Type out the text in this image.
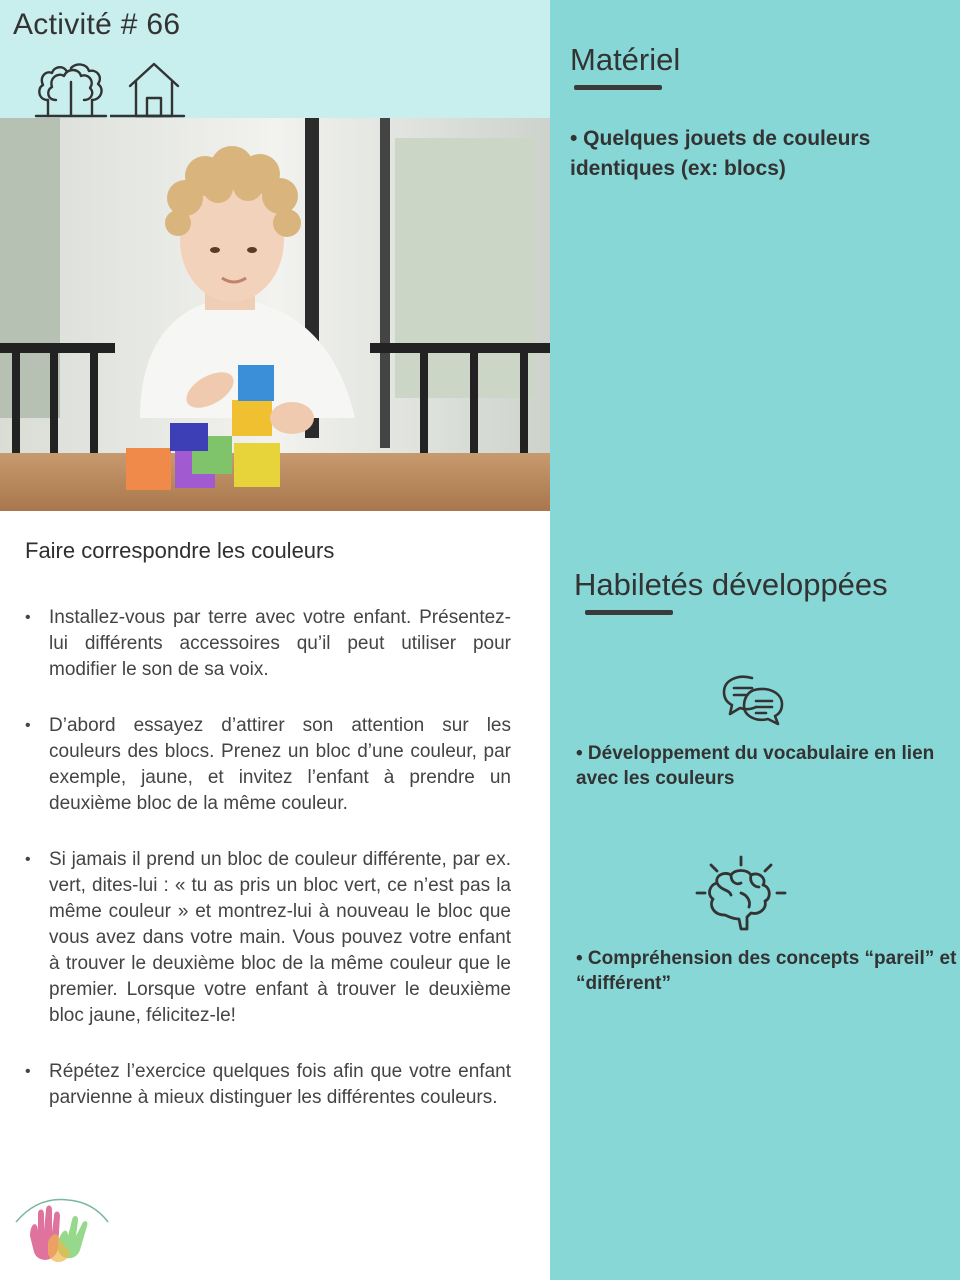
Activité # 66
Faire correspondre les couleurs
• Installez-vous par terre avec votre enfant. Présentez-lui différents accessoires qu’il peut utiliser pour modifier le son de sa voix.
• D’abord essayez d’attirer son attention sur les couleurs des blocs. Prenez un bloc d’une couleur, par exemple, jaune, et invitez l’enfant à prendre un deuxième bloc de la même couleur.
• Si jamais il prend un bloc de couleur différente, par ex. vert, dites-lui : « tu as pris un bloc vert, ce n’est pas la même couleur » et montrez-lui à nouveau le bloc que vous avez dans votre main. Vous pouvez votre enfant à trouver le deuxième bloc de la même couleur que le premier. Lorsque votre enfant à trouver le deuxième bloc jaune, félicitez-le!
• Répétez l’exercice quelques fois afin que votre enfant parvienne à mieux distinguer les différentes couleurs.
Matériel
• Quelques jouets de couleurs identiques (ex: blocs)
Habiletés développées
• Développement du vocabulaire en lien avec les couleurs
• Compréhension des concepts “pareil” et “différent”
